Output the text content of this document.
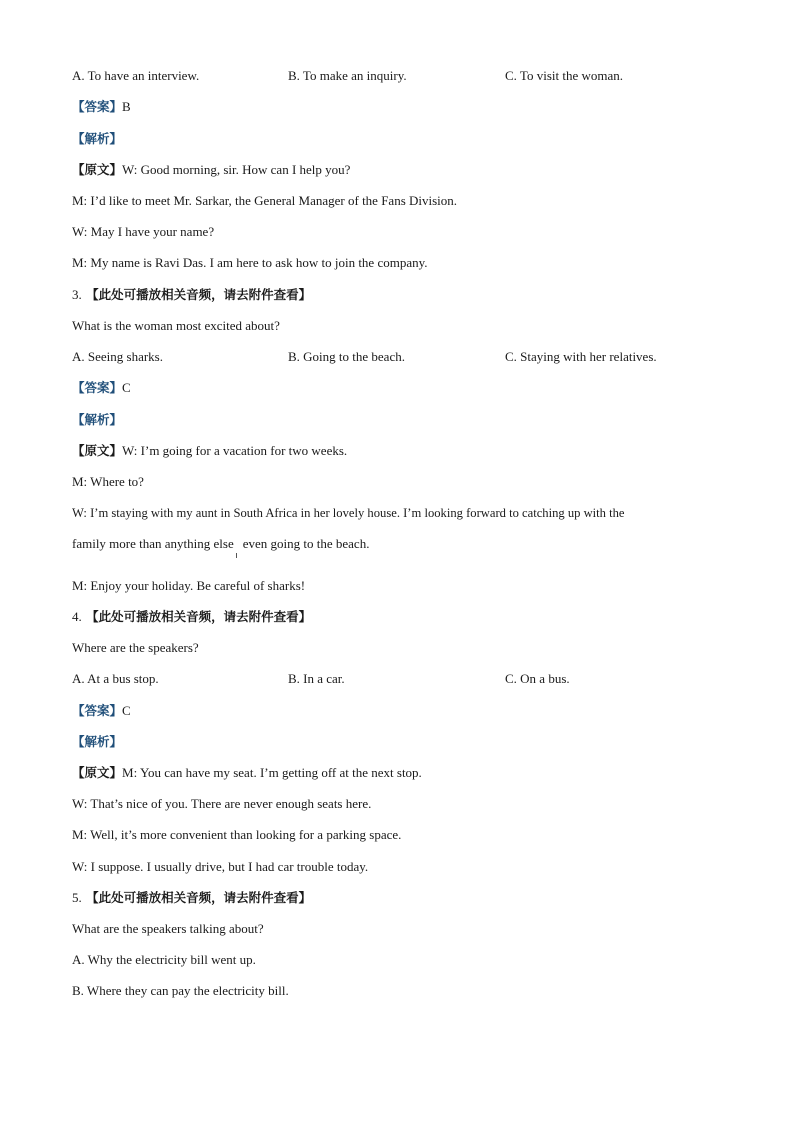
A. To have an interview.	B. To make an inquiry.	C. To visit the woman.
【答案】B
【解析】
【原文】W: Good morning, sir. How can I help you?
M: I’d like to meet Mr. Sarkar, the General Manager of the Fans Division.
W: May I have your name?
M: My name is Ravi Das. I am here to ask how to join the company.
3. 【此处可播放相关音频，请去附件查看】
What is the woman most excited about?
A. Seeing sharks.	B. Going to the beach.	C. Staying with her relatives.
【答案】C
【解析】
【原文】W: I’m going for a vacation for two weeks.
M: Where to?
W: I’m staying with my aunt in South Africa in her lovely house. I’m looking forward to catching up with the
family more than anything else even going to the beach.
M: Enjoy your holiday. Be careful of sharks!
4. 【此处可播放相关音频，请去附件查看】
Where are the speakers?
A. At a bus stop.	B. In a car.	C. On a bus.
【答案】C
【解析】
【原文】M: You can have my seat. I’m getting off at the next stop.
W: That’s nice of you. There are never enough seats here.
M: Well, it’s more convenient than looking for a parking space.
W: I suppose. I usually drive, but I had car trouble today.
5. 【此处可播放相关音频，请去附件查看】
What are the speakers talking about?
A. Why the electricity bill went up.
B. Where they can pay the electricity bill.
